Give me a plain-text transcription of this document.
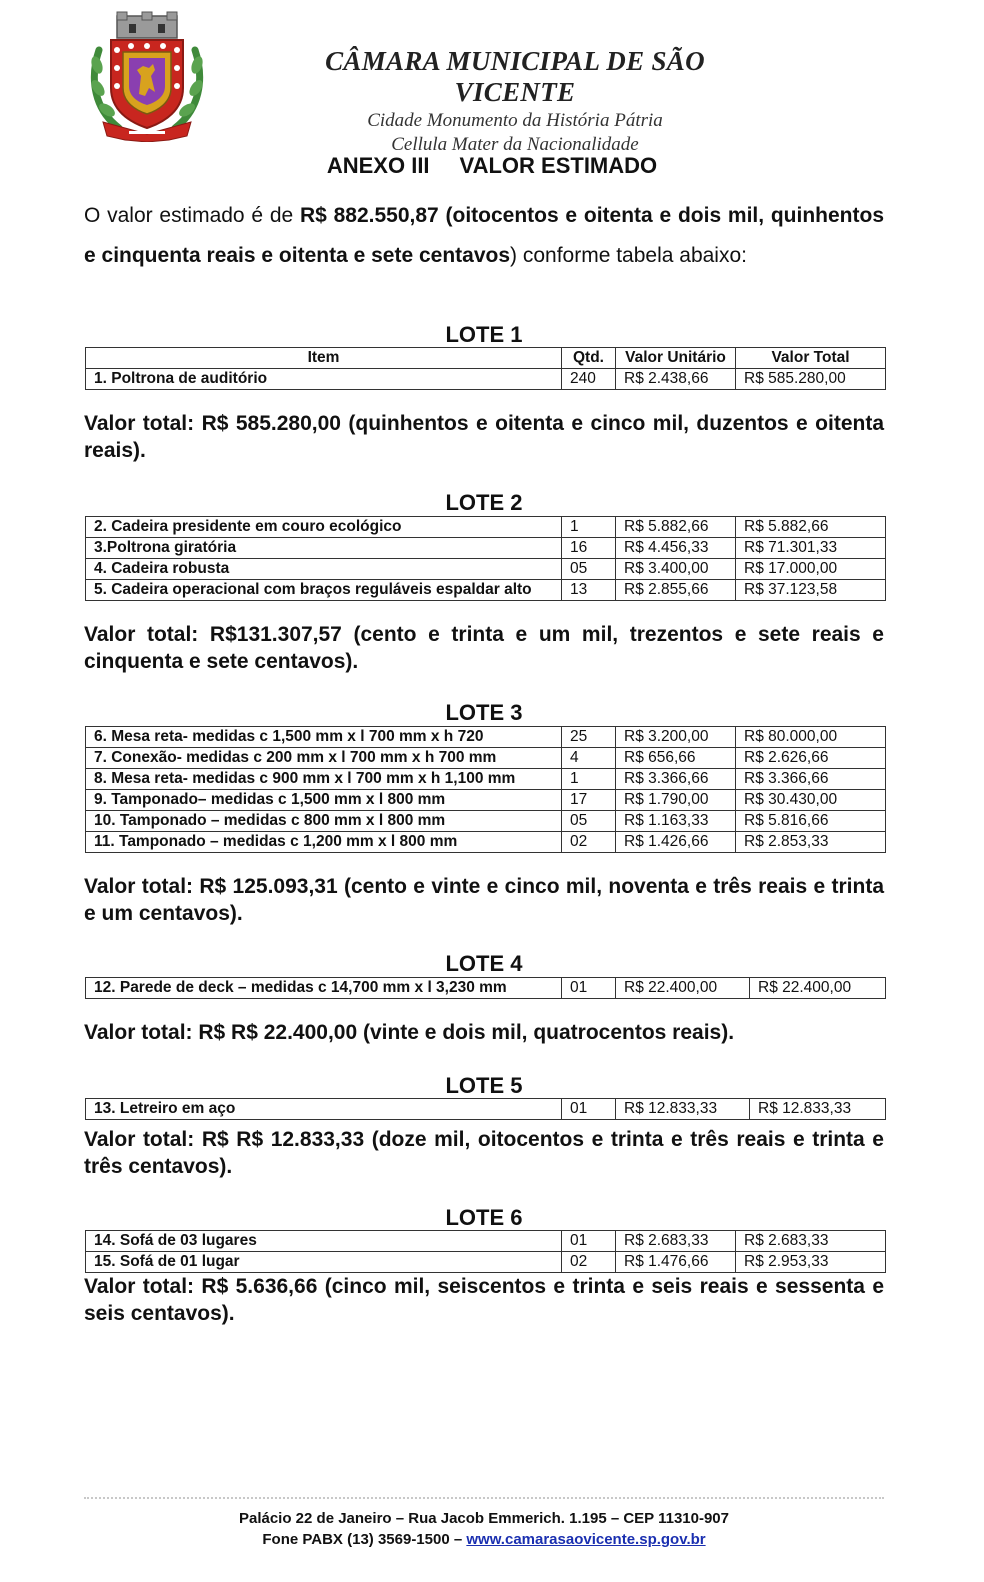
CÂMARA MUNICIPAL DE SÃO VICENTE
Cidade Monumento da História Pátria
Cellula Mater da Nacionalidade
ANEXO III VALOR ESTIMADO
O valor estimado é de R$ 882.550,87 (oitocentos e oitenta e dois mil, quinhentos e cinquenta reais e oitenta e sete centavos) conforme tabela abaixo:
LOTE 1
Item	Qtd.	Valor Unitário	Valor Total
1. Poltrona de auditório	240	R$ 2.438,66	R$ 585.280,00
Valor total: R$ 585.280,00 (quinhentos e oitenta e cinco mil, duzentos e oitenta reais).
LOTE 2
2. Cadeira presidente em couro ecológico	1	R$ 5.882,66	R$ 5.882,66
3.Poltrona giratória	16	R$ 4.456,33	R$ 71.301,33
4. Cadeira robusta	05	R$ 3.400,00	R$ 17.000,00
5. Cadeira operacional com braços reguláveis espaldar alto	13	R$ 2.855,66	R$ 37.123,58
Valor total: R$131.307,57 (cento e trinta e um mil, trezentos e sete reais e cinquenta e sete centavos).
LOTE 3
6. Mesa reta- medidas c 1,500 mm x l 700 mm x h 720	25	R$ 3.200,00	R$ 80.000,00
7. Conexão- medidas c 200 mm x l 700 mm x h 700 mm	4	R$ 656,66	R$ 2.626,66
8. Mesa reta- medidas c 900 mm x l 700 mm x h 1,100 mm	1	R$ 3.366,66	R$ 3.366,66
9. Tamponado– medidas c 1,500 mm x l 800 mm	17	R$ 1.790,00	R$ 30.430,00
10. Tamponado – medidas c 800 mm x l 800 mm	05	R$ 1.163,33	R$ 5.816,66
11. Tamponado – medidas c 1,200 mm x l 800 mm	02	R$ 1.426,66	R$ 2.853,33
Valor total: R$ 125.093,31 (cento e vinte e cinco mil, noventa e três reais e trinta e um centavos).
LOTE 4
12. Parede de deck – medidas c 14,700 mm x l 3,230 mm	01	R$ 22.400,00	R$ 22.400,00
Valor total: R$ R$ 22.400,00 (vinte e dois mil, quatrocentos reais).
LOTE 5
13. Letreiro em aço	01	R$ 12.833,33	R$ 12.833,33
Valor total: R$ R$ 12.833,33 (doze mil, oitocentos e trinta e três reais e trinta e três centavos).
LOTE 6
14. Sofá de 03 lugares	01	R$ 2.683,33	R$ 2.683,33
15. Sofá de 01 lugar	02	R$ 1.476,66	R$ 2.953,33
Valor total: R$ 5.636,66 (cinco mil, seiscentos e trinta e seis reais e sessenta e seis centavos).
Palácio 22 de Janeiro – Rua Jacob Emmerich. 1.195 – CEP 11310-907
Fone PABX (13) 3569-1500 – www.camarasaovicente.sp.gov.br
